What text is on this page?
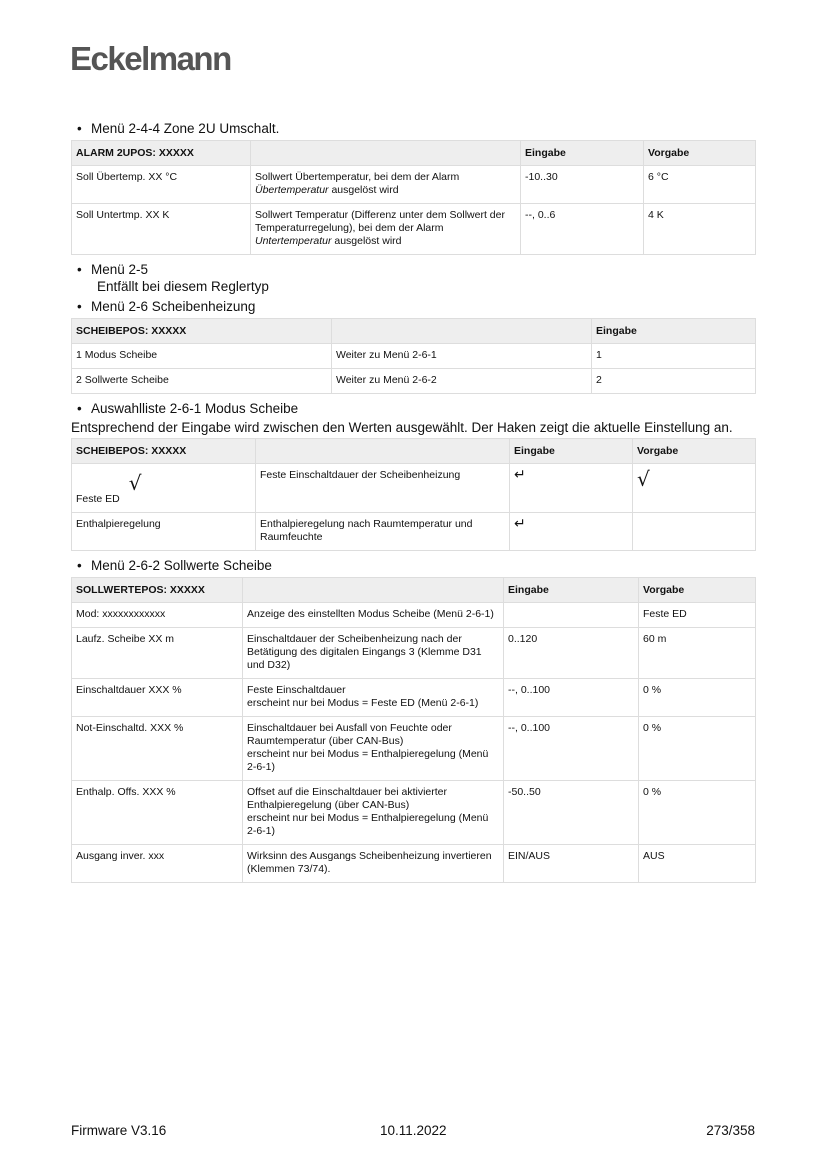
Eckelmann
• Menü 2-4-4 Zone 2U Umschalt.
ALARM 2UPOS: XXXXX		Eingabe	Vorgabe
Soll Übertemp. XX °C	Sollwert Übertemperatur, bei dem der Alarm
Übertemperatur ausgelöst wird	-10..30	6 °C
Soll Untertmp. XX K	Sollwert Temperatur (Differenz unter dem Sollwert der Temperaturregelung), bei dem der Alarm
Untertemperatur ausgelöst wird	--, 0..6	4 K
• Menü 2-5
Entfällt bei diesem Reglertyp
• Menü 2-6 Scheibenheizung
SCHEIBEPOS: XXXXX		Eingabe
1 Modus Scheibe	Weiter zu Menü 2-6-1	1
2 Sollwerte Scheibe	Weiter zu Menü 2-6-2	2
• Auswahlliste 2-6-1 Modus Scheibe
Entsprechend der Eingabe wird zwischen den Werten ausgewählt. Der Haken zeigt die aktuelle Einstellung an.
SCHEIBEPOS: XXXXX		Eingabe	Vorgabe

Feste ED √	Feste Einschaltdauer der Scheibenheizung	↵	√
Enthalpieregelung	Enthalpieregelung nach Raumtemperatur und Raumfeuchte	↵	
• Menü 2-6-2 Sollwerte Scheibe
SOLLWERTEPOS: XXXXX		Eingabe	Vorgabe
Mod: xxxxxxxxxxxx	Anzeige des einstellten Modus Scheibe (Menü 2-6-1)		Feste ED
Laufz. Scheibe XX m	Einschaltdauer der Scheibenheizung nach der Betätigung des digitalen Eingangs 3 (Klemme D31 und D32)	0..120	60 m
Einschaltdauer XXX %	Feste Einschaltdauer
erscheint nur bei Modus = Feste ED (Menü 2-6-1)	--, 0..100	0 %
Not-Einschaltd. XXX %	Einschaltdauer bei Ausfall von Feuchte oder Raumtemperatur (über CAN-Bus)
erscheint nur bei Modus = Enthalpieregelung (Menü 2-6-1)	--, 0..100	0 %
Enthalp. Offs. XXX %	Offset auf die Einschaltdauer bei aktivierter Enthalpieregelung (über CAN-Bus)
erscheint nur bei Modus = Enthalpieregelung (Menü 2-6-1)	-50..50	0 %
Ausgang inver. xxx	Wirksinn des Ausgangs Scheibenheizung invertieren (Klemmen 73/74).	EIN/AUS	AUS
Firmware V3.16	10.11.2022	273/358
